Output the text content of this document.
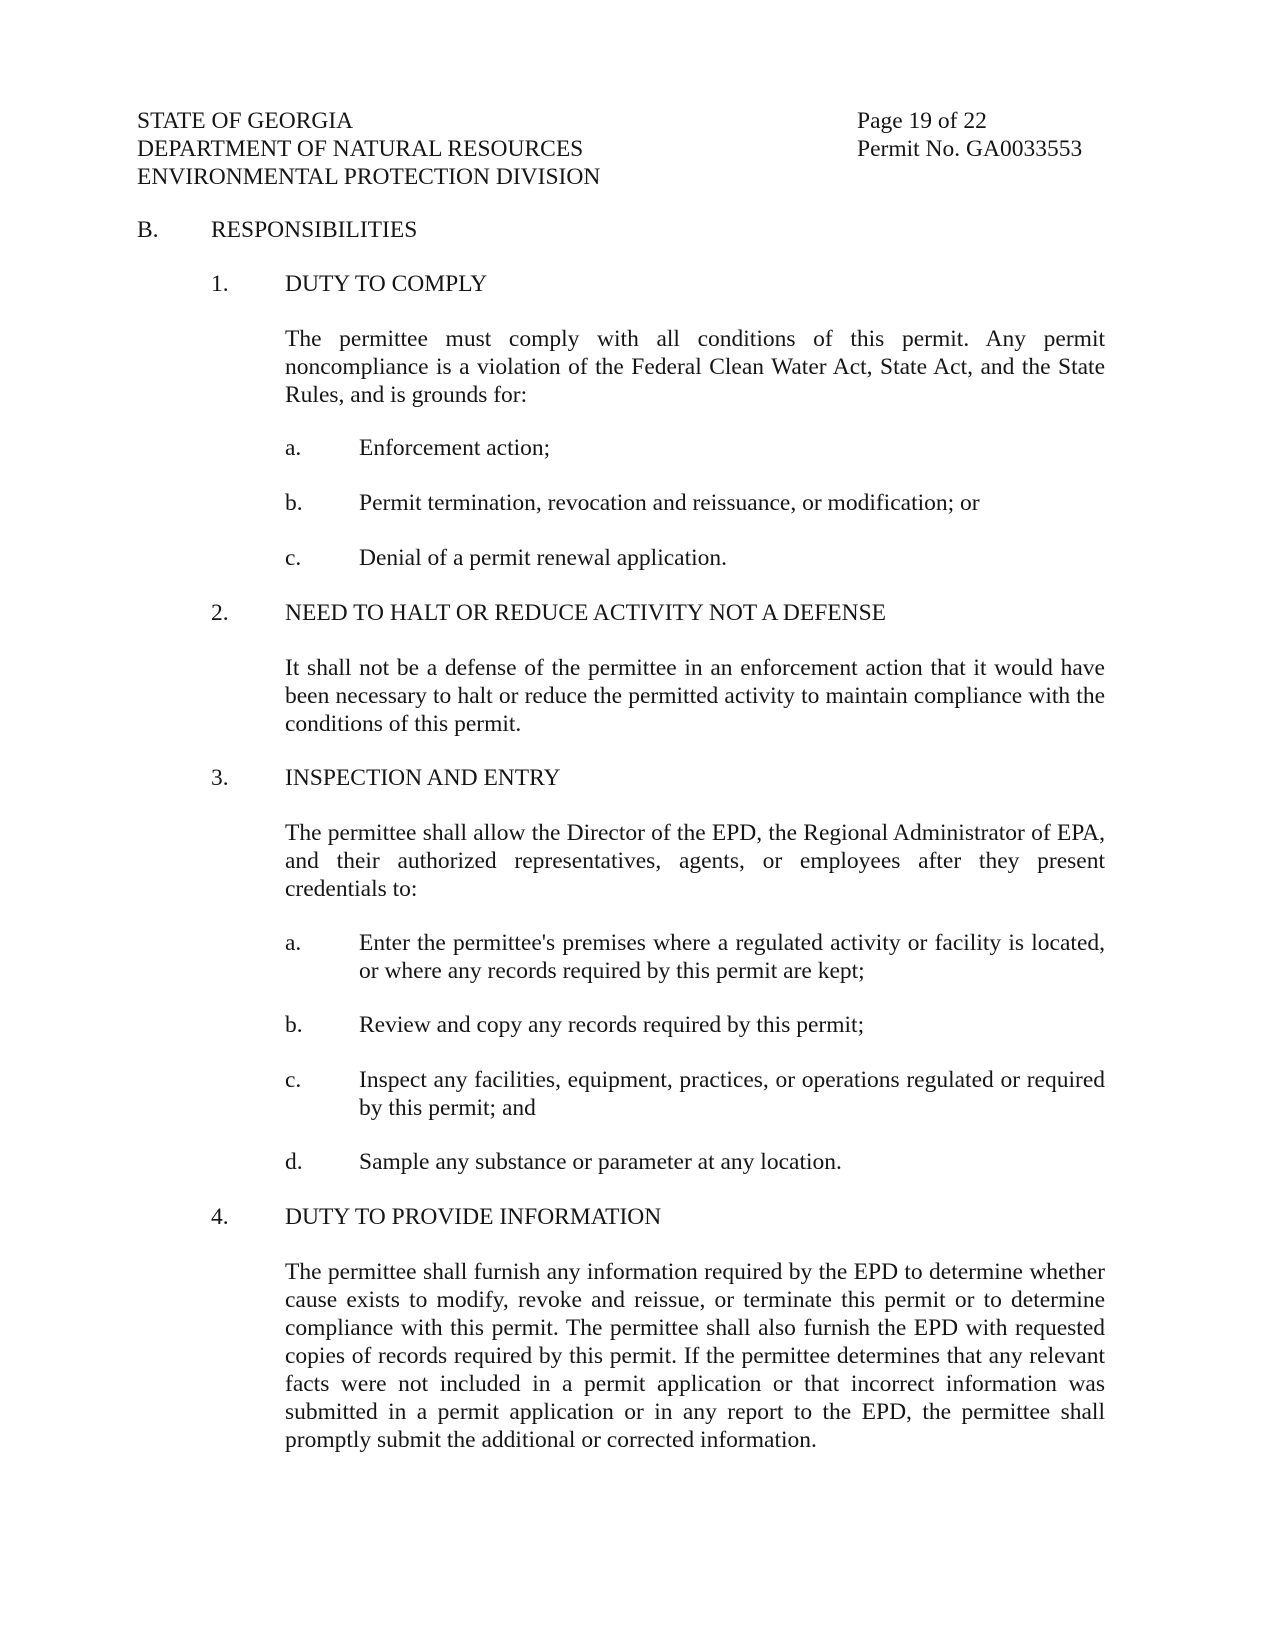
STATE OF GEORGIA
DEPARTMENT OF NATURAL RESOURCES
ENVIRONMENTAL PROTECTION DIVISION
Page 19 of 22
Permit No. GA0033553
B. RESPONSIBILITIES
1. DUTY TO COMPLY
The permittee must comply with all conditions of this permit. Any permit noncompliance is a violation of the Federal Clean Water Act, State Act, and the State Rules, and is grounds for:
a. Enforcement action;
b. Permit termination, revocation and reissuance, or modification; or
c. Denial of a permit renewal application.
2. NEED TO HALT OR REDUCE ACTIVITY NOT A DEFENSE
It shall not be a defense of the permittee in an enforcement action that it would have been necessary to halt or reduce the permitted activity to maintain compliance with the conditions of this permit.
3. INSPECTION AND ENTRY
The permittee shall allow the Director of the EPD, the Regional Administrator of EPA, and their authorized representatives, agents, or employees after they present credentials to:
a. Enter the permittee's premises where a regulated activity or facility is located, or where any records required by this permit are kept;
b. Review and copy any records required by this permit;
c. Inspect any facilities, equipment, practices, or operations regulated or required by this permit; and
d. Sample any substance or parameter at any location.
4. DUTY TO PROVIDE INFORMATION
The permittee shall furnish any information required by the EPD to determine whether cause exists to modify, revoke and reissue, or terminate this permit or to determine compliance with this permit. The permittee shall also furnish the EPD with requested copies of records required by this permit. If the permittee determines that any relevant facts were not included in a permit application or that incorrect information was submitted in a permit application or in any report to the EPD, the permittee shall promptly submit the additional or corrected information.
